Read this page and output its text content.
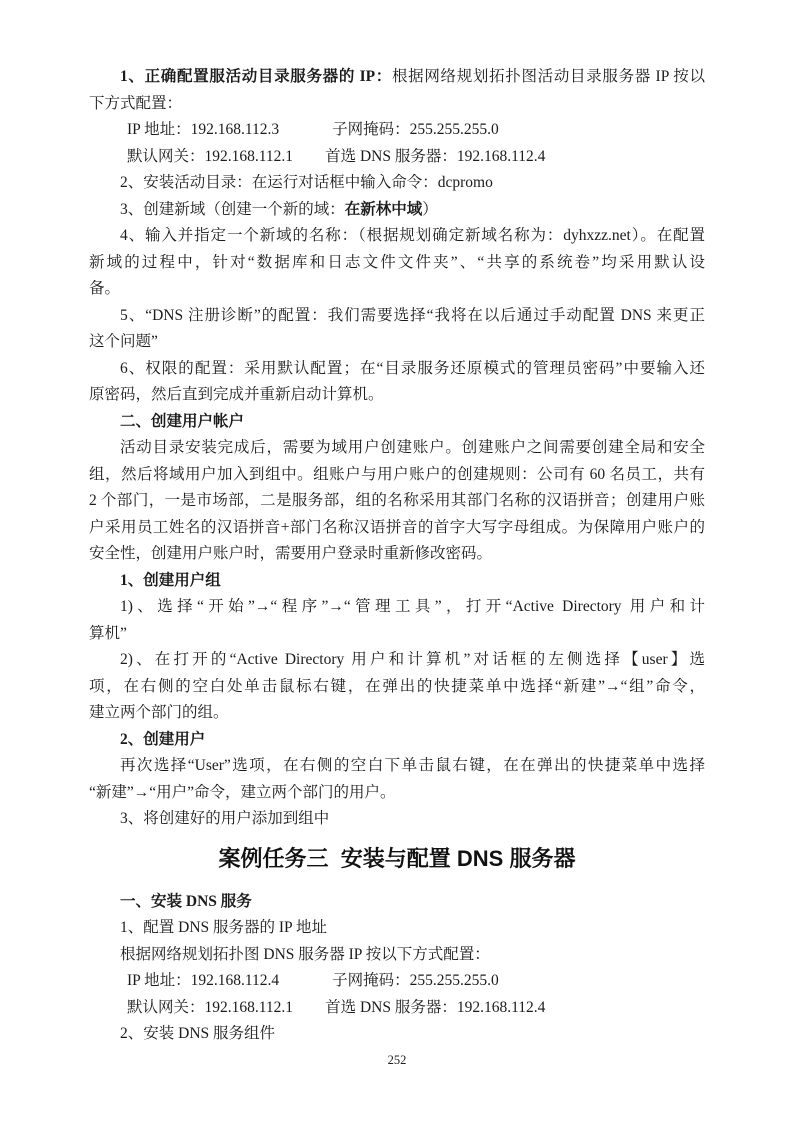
1、正确配置服活动目录服务器的 IP：根据网络规划拓扑图活动目录服务器 IP 按以
下方式配置：
IP 地址：192.168.112.3	子网掩码：255.255.255.0
默认网关：192.168.112.1 首选 DNS 服务器：192.168.112.4
2、安装活动目录：在运行对话框中输入命令：dcpromo
3、创建新域（创建一个新的域：在新林中域）
4、输入并指定一个新域的名称：（根据规划确定新域名称为：dyhxzz.net）。在配置
新域的过程中，针对“数据库和日志文件文件夹”、“共享的系统卷”均采用默认设
备。
5、“DNS 注册诊断”的配置：我们需要选择“我将在以后通过手动配置 DNS 来更正
这个问题”
6、权限的配置：采用默认配置；在“目录服务还原模式的管理员密码”中要输入还
原密码，然后直到完成并重新启动计算机。
二、创建用户帐户
活动目录安装完成后，需要为域用户创建账户。创建账户之间需要创建全局和安全
组，然后将域用户加入到组中。组账户与用户账户的创建规则：公司有 60 名员工，共有
2 个部门，一是市场部，二是服务部，组的名称采用其部门名称的汉语拼音；创建用户账
户采用员工姓名的汉语拼音+部门名称汉语拼音的首字大写字母组成。为保障用户账户的
安全性，创建用户账户时，需要用户登录时重新修改密码。
1、创建用户组
1)、选择“开始”→“程序”→“管理工具”，打开“Active Directory 用户和计
算机”
2)、在打开的“Active Directory 用户和计算机”对话框的左侧选择【user】选
项，在右侧的空白处单击鼠标右键，在弹出的快捷菜单中选择“新建”→“组”命令，
建立两个部门的组。
2、创建用户
再次选择“User”选项，在右侧的空白下单击鼠右键，在在弹出的快捷菜单中选择
“新建”→“用户”命令，建立两个部门的用户。
3、将创建好的用户添加到组中
案例任务三  安装与配置 DNS 服务器
一、安装 DNS 服务
1、配置 DNS 服务器的 IP 地址
根据网络规划拓扑图 DNS 服务器 IP 按以下方式配置：
IP 地址：192.168.112.4	子网掩码：255.255.255.0
默认网关：192.168.112.1 首选 DNS 服务器：192.168.112.4
2、安装 DNS 服务组件
252
